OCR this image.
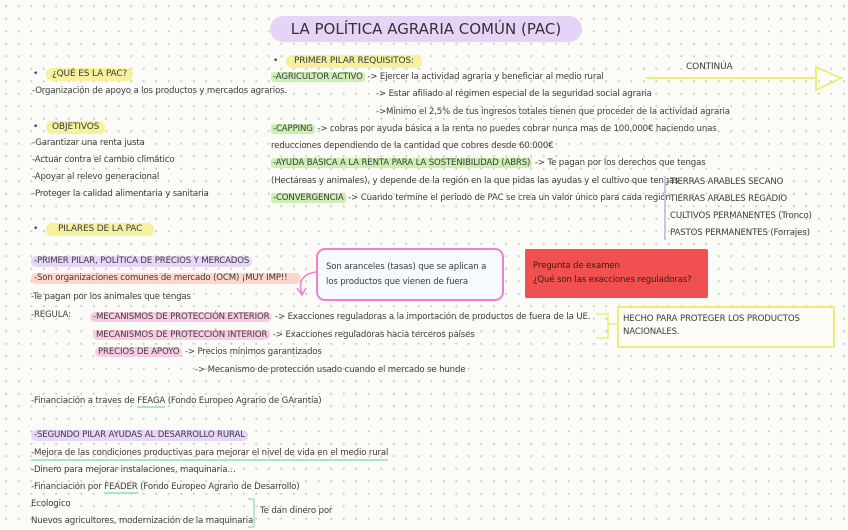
LA POLÍTICA AGRARIA COMÚN (PAC)
• ¿QUÉ ES LA PAC?
-Organización de apoyo a los productos y mercados agrarios.
• OBJETIVOS
-Garantizar una renta justa
-Actuar contra el cambio climático
-Apoyar al relevo generacional
-Proteger la calidad alimentaria y sanitaria
• PILARES DE LA PAC
• PRIMER PILAR REQUISITOS:
CONTINÚA
-AGRICULTOR ACTIVO -> Ejercer la actividad agraria y beneficiar al medio rural
-> Estar afiliado al régimen especial de la seguridad social agraria
->Mínimo el 2,5% de tus ingresos totales tienen que proceder de la actividad agraria
-CAPPING -> cobras por ayuda básica a la renta no puedes cobrar nunca mas de 100.000€ haciendo unas
reducciones dependiendo de la cantidad que cobres desde 60.000€
-AYUDA BÁSICA A LA RENTA PARA LA SOSTENIBILIDAD (ABRS) -> Te pagan por los derechos que tengas
(Hectáreas y animales), y depende de la región en la que pidas las ayudas y el cultivo que tengas
-CONVERGENCIA -> Cuando termine el periodo de PAC se crea un valor único para cada región
TIERRAS ARABLES SECANO
TIERRAS ARABLES REGADIO
CULTIVOS PERMANENTES (Tronco)
PASTOS PERMANENTES (Forrajes)
-PRIMER PILAR, POLÍTICA DE PRECIOS Y MERCADOS
-Son organizaciones comunes de mercado (OCM) ¡MUY IMP!!
-Te pagan por los animales que tengas
-REGULA:	-MECANISMOS DE PROTECCIÓN EXTERIOR -> Exacciones reguladoras a la importación de productos de fuera de la UE.
MECANISMOS DE PROTECCIÓN INTERIOR -> Exacciones reguladoras hacia terceros países
PRECIOS DE APOYO -> Precios mínimos garantizados
-> Mecanismo de protección usado cuando el mercado se hunde
Son aranceles (tasas) que se aplican a los productos que vienen de fuera
Pregunta de examen
¿Qué son las exacciones reguladoras?
HECHO PARA PROTEGER LOS PRODUCTOS NACIONALES.
-Financiación a traves de FEAGA (Fondo Europeo Agrario de GArantía)
-SEGUNDO PILAR AYUDAS AL DESARROLLO RURAL
-Mejora de las condiciones productivas para mejorar el nivel de vida en el medio rural
-Dinero para mejorar instalaciones, maquinaria…
-Financiación por FEADER (Fondo Europeo Agrario de Desarrollo)
Ecologico
Nuevos agricultores, modernización de la maquinaria
Te dan dinero por
